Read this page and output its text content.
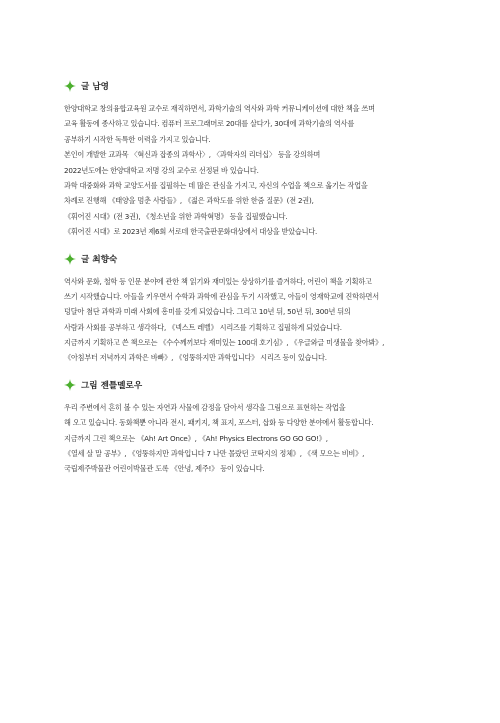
글 남영
한양대학교 창의융합교육원 교수로 재직하면서, 과학기술의 역사와 과학 커뮤니케이션에 대한 책을 쓰며
교육 활동에 종사하고 있습니다. 컴퓨터 프로그래머로 20대를 살다가, 30대에 과학기술의 역사를
공부하기 시작한 독특한 이력을 가지고 있습니다.
본인이 개발한 교과목 〈혁신과 잡종의 과학사〉, 〈과학자의 리더십〉 등을 강의하며
2022년도에는 한양대학교 저명 강의 교수로 선정된 바 있습니다.
과학 대중화와 과학 교양도서를 집필하는 데 많은 관심을 가지고, 자신의 수업을 책으로 옮기는 작업을
차례로 진행해 《태양을 멈춘 사람들》, 《젊은 과학도를 위한 한줌 질문》(전 2권),
《휘어진 시대》(전 3권), 《청소년을 위한 과학혁명》 등을 집필했습니다.
《휘어진 시대》로 2023년 제6회 서로데 한국출판문화대상에서 대상을 받았습니다.
글 최향숙
역사와 문화, 철학 등 인문 분야에 관한 책 읽기와 재미있는 상상하기를 즐겨하다, 어린이 책을 기획하고
쓰기 시작했습니다. 아들을 키우면서 수학과 과학에 관심을 두기 시작했고, 아들이 영재학교에 진학하면서
덩달아 첨단 과학과 미래 사회에 흥미를 갖게 되었습니다. 그리고 10년 뒤, 50년 뒤, 300년 뒤의
사람과 사회를 공부하고 생각하다, 《넥스트 레벨》 시리즈를 기획하고 집필하게 되었습니다.
지금까지 기획하고 쓴 책으로는 《수수께끼보다 재미있는 100대 호기심》, 《우글와글 미생물을 찾아봐》,
《아침부터 저녁까지 과학은 바빠》, 《엉뚱하지만 과학입니다》 시리즈 등이 있습니다.
그림 젠틀멜로우
우리 주변에서 흔히 볼 수 있는 자연과 사물에 감정을 담아서 생각을 그림으로 표현하는 작업을
해 오고 있습니다. 동화책뿐 아니라 전시, 패키지, 책 표지, 포스터, 삽화 등 다양한 분야에서 활동합니다.
지금까지 그린 책으로는 《Ah! Art Once》, 《Ah! Physics Electrons GO GO GO!》,
《열세 살 말 공부》, 《엉뚱하지만 과학입니다 7 나만 몰랐던 코딱지의 정체》, 《색 모으는 비비》,
국립제주박물관 어린이박물관 도록 《안녕, 제주!》 등이 있습니다.
